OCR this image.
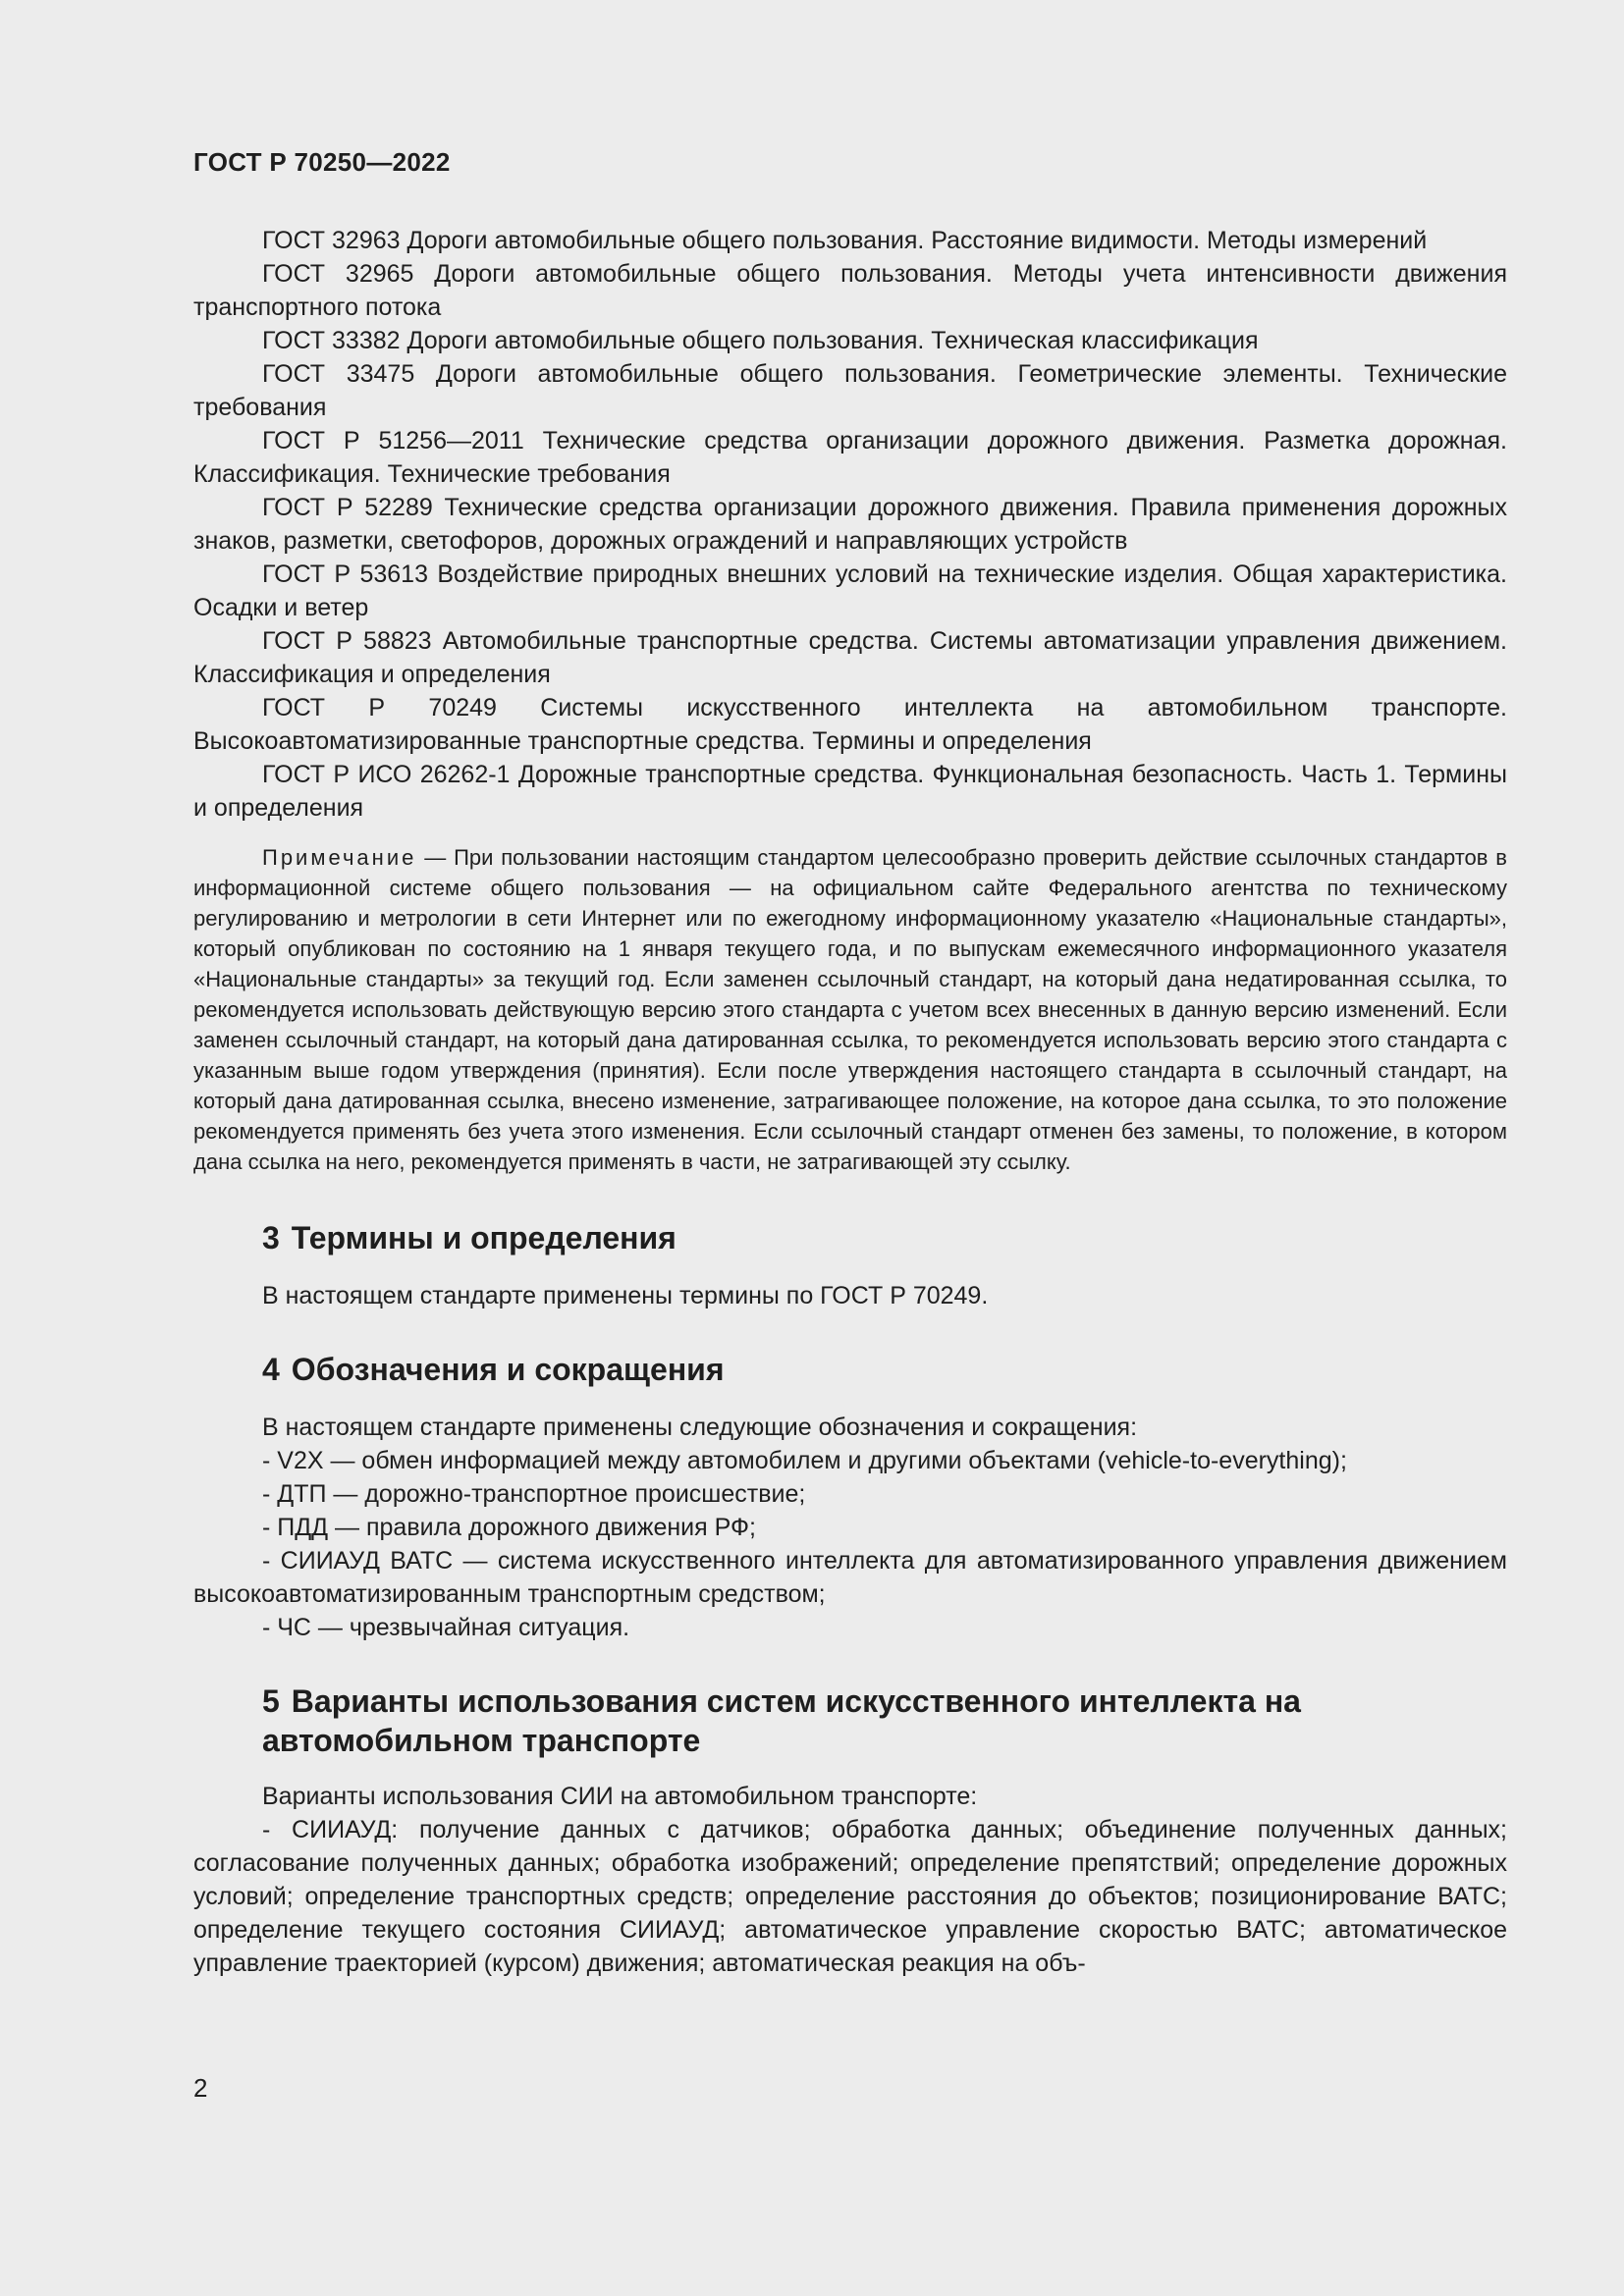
ГОСТ Р 70250—2022

ГОСТ 32963 Дороги автомобильные общего пользования. Расстояние видимости. Методы измерений

ГОСТ 32965 Дороги автомобильные общего пользования. Методы учета интенсивности движения транспортного потока

ГОСТ 33382 Дороги автомобильные общего пользования. Техническая классификация

ГОСТ 33475 Дороги автомобильные общего пользования. Геометрические элементы. Технические требования

ГОСТ Р 51256—2011 Технические средства организации дорожного движения. Разметка дорожная. Классификация. Технические требования

ГОСТ Р 52289 Технические средства организации дорожного движения. Правила применения дорожных знаков, разметки, светофоров, дорожных ограждений и направляющих устройств

ГОСТ Р 53613 Воздействие природных внешних условий на технические изделия. Общая характеристика. Осадки и ветер

ГОСТ Р 58823 Автомобильные транспортные средства. Системы автоматизации управления движением. Классификация и определения

ГОСТ Р 70249 Системы искусственного интеллекта на автомобильном транспорте. Высокоавтоматизированные транспортные средства. Термины и определения

ГОСТ Р ИСО 26262-1 Дорожные транспортные средства. Функциональная безопасность. Часть 1. Термины и определения

Примечание — При пользовании настоящим стандартом целесообразно проверить действие ссылочных стандартов в информационной системе общего пользования — на официальном сайте Федерального агентства по техническому регулированию и метрологии в сети Интернет или по ежегодному информационному указателю «Национальные стандарты», который опубликован по состоянию на 1 января текущего года, и по выпускам ежемесячного информационного указателя «Национальные стандарты» за текущий год. Если заменен ссылочный стандарт, на который дана недатированная ссылка, то рекомендуется использовать действующую версию этого стандарта с учетом всех внесенных в данную версию изменений. Если заменен ссылочный стандарт, на который дана датированная ссылка, то рекомендуется использовать версию этого стандарта с указанным выше годом утверждения (принятия). Если после утверждения настоящего стандарта в ссылочный стандарт, на который дана датированная ссылка, внесено изменение, затрагивающее положение, на которое дана ссылка, то это положение рекомендуется применять без учета этого изменения. Если ссылочный стандарт отменен без замены, то положение, в котором дана ссылка на него, рекомендуется применять в части, не затрагивающей эту ссылку.

3 Термины и определения

В настоящем стандарте применены термины по ГОСТ Р 70249.

4 Обозначения и сокращения

В настоящем стандарте применены следующие обозначения и сокращения:

- V2X — обмен информацией между автомобилем и другими объектами (vehicle-to-everything);

- ДТП — дорожно-транспортное происшествие;

- ПДД — правила дорожного движения РФ;

- СИИАУД ВАТС — система искусственного интеллекта для автоматизированного управления движением высокоавтоматизированным транспортным средством;

- ЧС — чрезвычайная ситуация.

5 Варианты использования систем искусственного интеллекта на автомобильном транспорте

Варианты использования СИИ на автомобильном транспорте:

- СИИАУД: получение данных с датчиков; обработка данных; объединение полученных данных; согласование полученных данных; обработка изображений; определение препятствий; определение дорожных условий; определение транспортных средств; определение расстояния до объектов; позиционирование ВАТС; определение текущего состояния СИИАУД; автоматическое управление скоростью ВАТС; автоматическое управление траекторией (курсом) движения; автоматическая реакция на объ-

2
